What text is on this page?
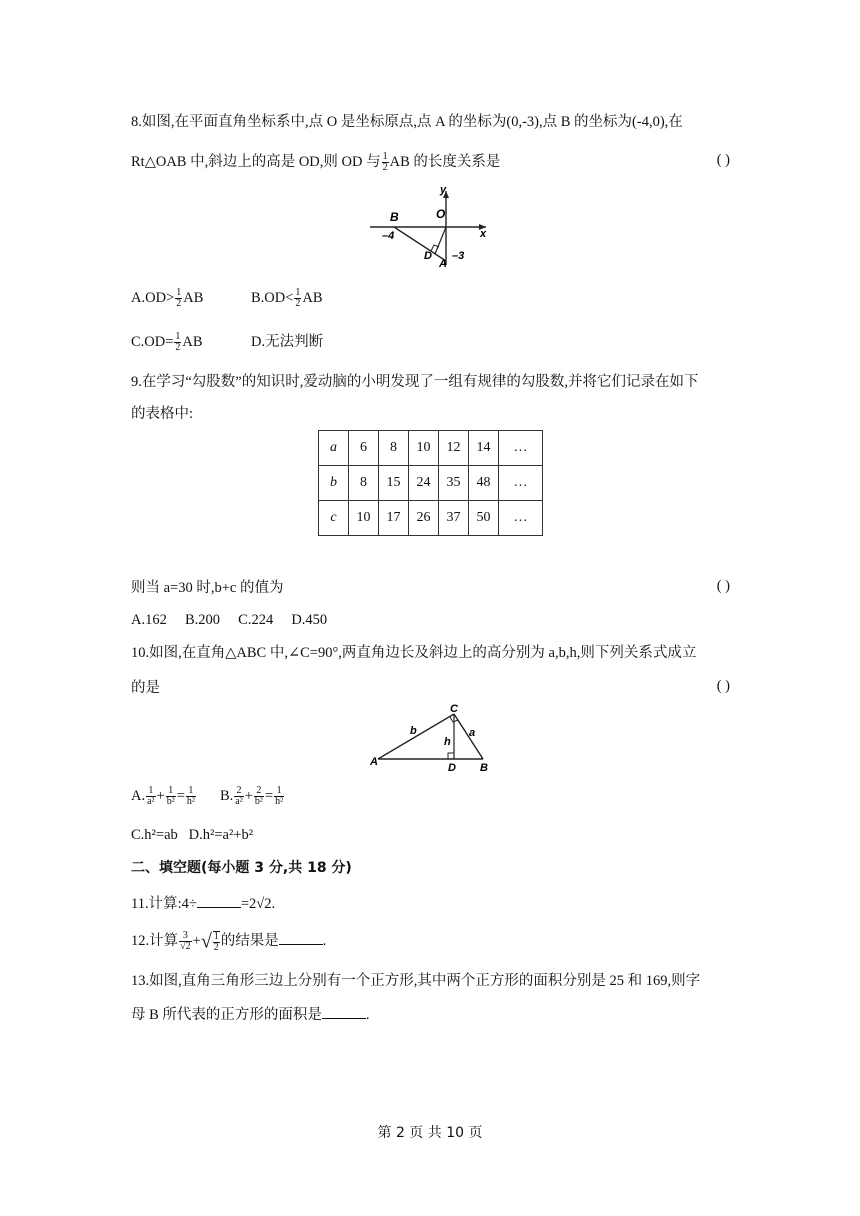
8.如图,在平面直角坐标系中,点 O 是坐标原点,点 A 的坐标为(0,-3),点 B 的坐标为(-4,0),在
Rt△OAB 中,斜边上的高是 OD,则 OD 与 $\frac{1}{2}$ AB 的长度关系是	( )
y
B	O
x
–4
D
A
–3
$A.OD> \frac{1}{2}$ AB	$B.OD< \frac{1}{2}$ AB
$C.OD= \frac{1}{2}$ AB	D.无法判断
9.在学习“勾股数”的知识时,爱动脑的小明发现了一组有规律的勾股数,并将它们记录在如下
的表格中:
a	6	8	10	12	14	…
b	8	15	24	35	48	…
c	10	17	26	37	50	…
则当 a=30 时,b+c 的值为	( )
A.162     B.200     C.224     D.450
10.如图,在直角△ABC 中,∠C=90°,两直角边长及斜边上的高分别为 a,b,h,则下列关系式成立
的是	( )
C
b
h
a
A	D B
A. $\frac{1}{\text{a²}} + \frac{1}{\text{b²}} = \frac{1}{\text{h²}} B$. $\frac{2}{\text{a²}} + \frac{2}{\text{b²}} = \frac{1}{\text{h²}}$
C.h²=ab   D.h²=a²+b²
二、填空题(每小题 3 分,共 18 分)
11.计算:4÷	=2√2.
12.计算 $\frac{3}{√2}$ +√ $\frac{1}{2}$ 的结果是	.
13.如图,直角三角形三边上分别有一个正方形,其中两个正方形的面积分别是 25 和 169,则字
母 B 所代表的正方形的面积是	.
第 2 页 共 10 页
